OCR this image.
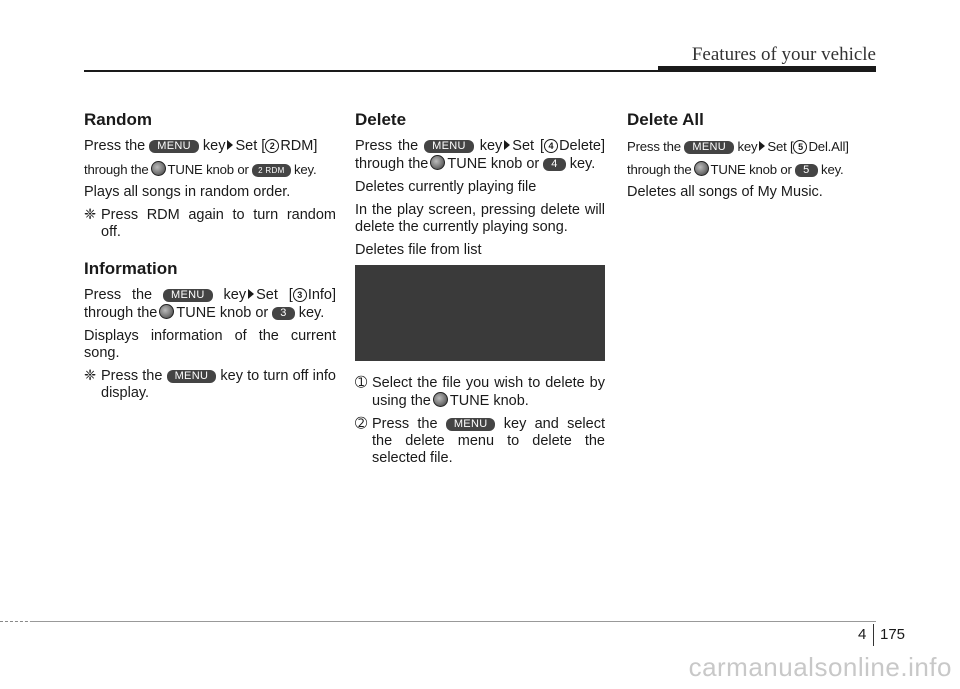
Features of your vehicle
Random

Press the MENU key Set [ 2 RDM]

through the TUNE knob or 2 RDM key.

Plays all songs in random order.

❈ Press RDM again to turn random off.
Information

Press the MENU key Set [ 3 Info] through the TUNE knob or 3 key.

Displays information of the current song.

❈ Press the MENU key to turn off info display.
Delete

Press the MENU key Set [ 4 Delete] through the TUNE knob or 4 key.

Deletes currently playing file

In the play screen, pressing delete will delete the currently playing song.

Deletes file from list

➀ Select the file you wish to delete by using the TUNE knob.
➁ Press the MENU key and select the delete menu to delete the selected file.
Delete All

Press the MENU key Set [ 5 Del.All]

through the TUNE knob or 5 key.

Deletes all songs of My Music.

4 175
carmanualsonline.info
